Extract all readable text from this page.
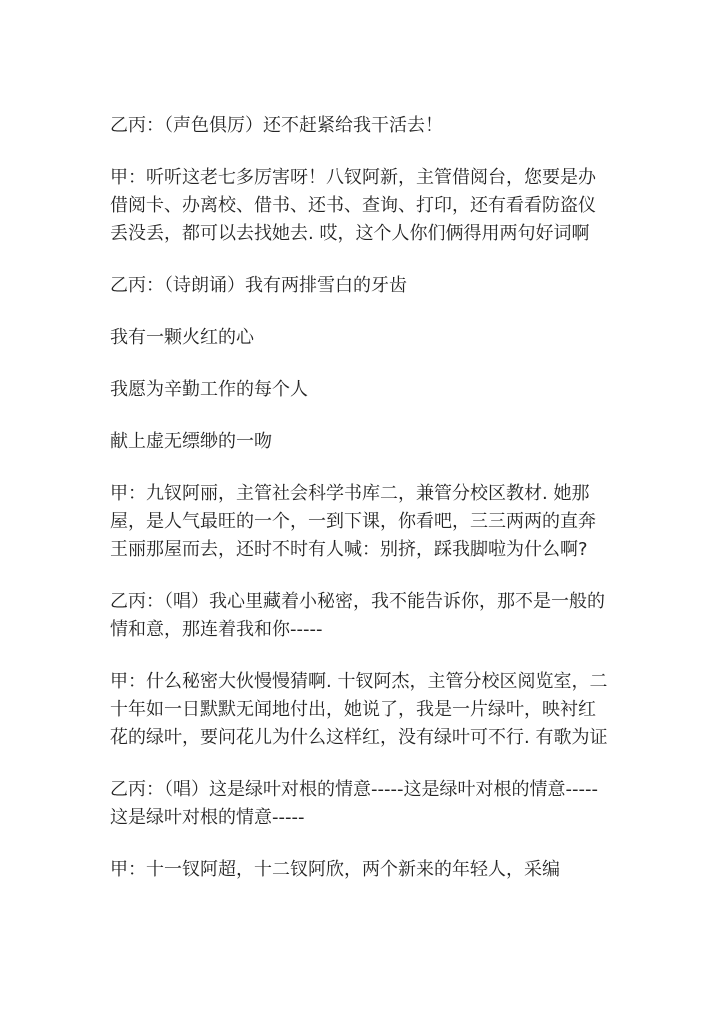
乙丙：（声色俱厉）还不赶紧给我干活去！

甲：听听这老七多厉害呀！八钗阿新，主管借阅台，您要是办借阅卡、办离校、借书、还书、查询、打印，还有看看防盗仪丢没丢，都可以去找她去. 哎，这个人你们俩得用两句好词啊

乙丙：（诗朗诵）我有两排雪白的牙齿

我有一颗火红的心

我愿为辛勤工作的每个人

献上虚无缥缈的一吻

甲：九钗阿丽，主管社会科学书库二，兼管分校区教材. 她那屋，是人气最旺的一个，一到下课，你看吧，三三两两的直奔王丽那屋而去，还时不时有人喊：别挤，踩我脚啦为什么啊?

乙丙：（唱）我心里藏着小秘密，我不能告诉你，那不是一般的情和意，那连着我和你-----

甲：什么秘密大伙慢慢猜啊. 十钗阿杰，主管分校区阅览室，二十年如一日默默无闻地付出，她说了，我是一片绿叶，映衬红花的绿叶，要问花儿为什么这样红，没有绿叶可不行. 有歌为证

乙丙：（唱）这是绿叶对根的情意-----这是绿叶对根的情意-----这是绿叶对根的情意-----

甲：十一钗阿超，十二钗阿欣，两个新来的年轻人，采编
